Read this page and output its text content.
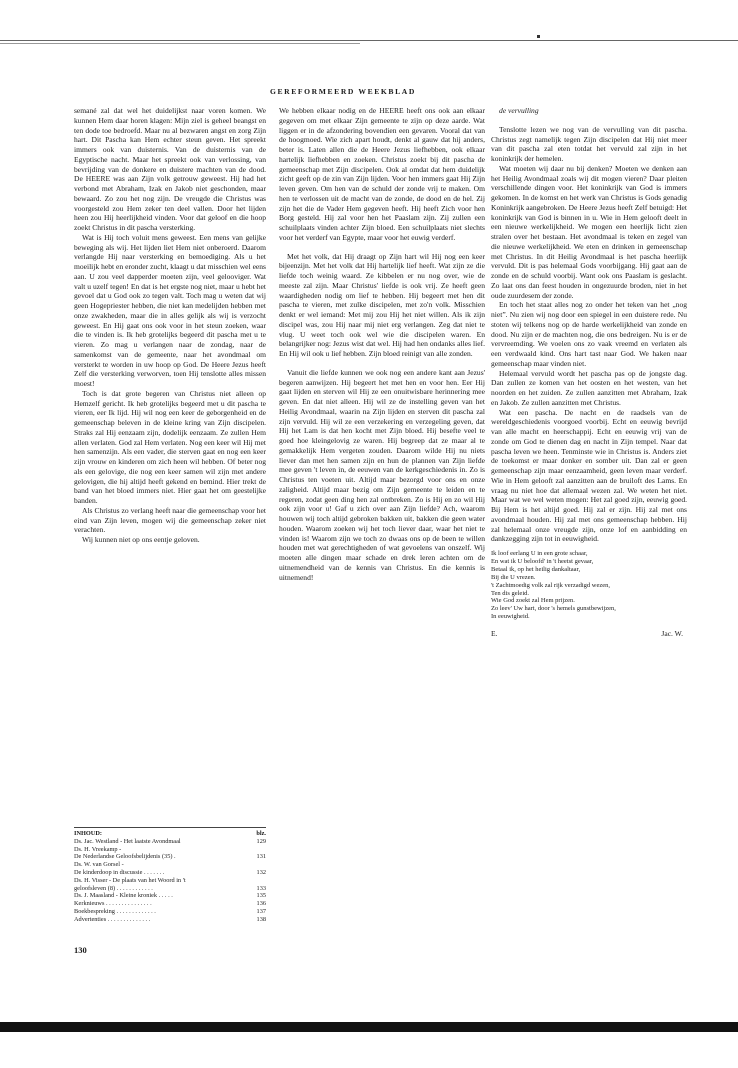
GEREFORMEERD WEEKBLAD

semané zal dat wel het duidelijkst naar voren komen. We kunnen Hem daar horen klagen: Mijn ziel is geheel beangst en ten dode toe bedroefd. Maar nu al bezwaren angst en zorg Zijn hart. Dit Pascha kan Hem echter steun geven. Het spreekt immers ook van duisternis. Van de duisternis van de Egyptische nacht. Maar het spreekt ook van verlossing, van bevrijding van de donkere en duistere machten van de dood. De HEERE was aan Zijn volk getrouw geweest. Hij had het verbond met Abraham, Izak en Jakob niet geschonden, maar bewaard. Zo zou het nog zijn. De vreugde die Christus was voorgesteld zou Hem zeker ten deel vallen. Door het lijden heen zou Hij heerlijkheid vinden. Voor dat geloof en die hoop zoekt Christus in dit pascha versterking.

Wat is Hij toch voluit mens geweest. Een mens van gelijke beweging als wij. Het lijden liet Hem niet onberoerd. Daarom verlangde Hij naar versterking en bemoediging. Als u het moeilijk hebt en eronder zucht, klaagt u dat misschien wel eens aan. U zou veel dapperder moeten zijn, veel gelooviger. Wat valt u uzelf tegen! En dat is het ergste nog niet, maar u hebt het gevoel dat u God ook zo tegen valt. Toch mag u weten dat wij geen Hogepriester hebben, die niet kan medelijden hebben met onze zwakheden, maar die in alles gelijk als wij is verzocht geweest. En Hij gaat ons ook voor in het steun zoeken, waar die te vinden is. Ik heb grotelijks begeerd dit pascha met u te vieren. Zo mag u verlangen naar de zondag, naar de samenkomst van de gemeente, naar het avondmaal om versterkt te worden in uw hoop op God. De Heere Jezus heeft Zelf die versterking verworven, toen Hij tenslotte alles missen moest!

Toch is dat grote begeren van Christus niet alleen op Hemzelf gericht. Ik heb grotelijks begeerd met u dit pascha te vieren, eer Ik lijd. Hij wil nog een keer de geborgenheid en de gemeenschap beleven in de kleine kring van Zijn discipelen. Straks zal Hij eenzaam zijn, dodelijk eenzaam. Ze zullen Hem allen verlaten. God zal Hem verlaten. Nog een keer wil Hij met hen samenzijn. Als een vader, die sterven gaat en nog een keer zijn vrouw en kinderen om zich heen wil hebben. Of beter nog als een gelovige, die nog een keer samen wil zijn met andere gelovigen, die hij altijd heeft gekend en bemind. Hier trekt de band van het bloed immers niet. Hier gaat het om geestelijke banden.

Als Christus zo verlang heeft naar die gemeenschap voor het eind van Zijn leven, mogen wij die gemeenschap zeker niet verachten.

Wij kunnen niet op ons eentje geloven.

INHOUD:	blz.
Ds. Jac. Westland - Het laatste Avondmaal	129
Ds. H. Vreekamp -
De Nederlandse Geloofsbelijdenis (35) .	131
Ds. W. van Gorsel -
De kinderdoop in discussie . . . . . . .	132
Ds. H. Visser - De plaats van het Woord in 't
geloofsleven (8) . . . . . . . . . . . .	133
Ds. J. Maasland - Kleine kroniek . . . . .	135
Kerknieuws . . . . . . . . . . . . . . .	136
Boekbespreking . . . . . . . . . . . . .	137
Advertenties . . . . . . . . . . . . . .	138
130

We hebben elkaar nodig en de HEERE heeft ons ook aan elkaar gegeven om met elkaar Zijn gemeente te zijn op deze aarde. Wat liggen er in de afzondering bovendien een gevaren. Vooral dat van de hoogmoed. Wie zich apart houdt, denkt al gauw dat hij anders, beter is. Laten allen die de Heere Jezus liefhebben, ook elkaar hartelijk liefhebben en zoeken. Christus zoekt bij dit pascha de gemeenschap met Zijn discipelen. Ook al omdat dat hem duidelijk zicht geeft op de zin van Zijn lijden. Voor hen immers gaat Hij Zijn leven geven. Om hen van de schuld der zonde vrij te maken. Om hen te verlossen uit de macht van de zonde, de dood en de hel. Zij zijn het die de Vader Hem gegeven heeft. Hij heeft Zich voor hen Borg gesteld. Hij zal voor hen het Paaslam zijn. Zij zullen een schuilplaats vinden achter Zijn bloed. Een schuilplaats niet slechts voor het verderf van Egypte, maar voor het euwig verderf.

Met het volk, dat Hij draagt op Zijn hart wil Hij nog een keer bijeenzijn. Met het volk dat Hij hartelijk lief heeft. Wat zijn ze die liefde toch weinig waard. Ze kibbelen er nu nog over, wie de meeste zal zijn. Maar Christus' liefde is ook vrij. Ze heeft geen waardigheden nodig om lief te hebben. Hij begeert met hen dit pascha te vieren, met zulke discipelen, met zo'n volk. Misschien denkt er wel iemand: Met mij zou Hij het niet willen. Als ik zijn discipel was, zou Hij naar mij niet erg verlangen. Zeg dat niet te vlug. U weet toch ook wel wie die discipelen waren. En belangrijker nog: Jezus wist dat wel. Hij had hen ondanks alles lief. En Hij wil ook u lief hebben. Zijn bloed reinigt van alle zonden.

Vanuit die liefde kunnen we ook nog een andere kant aan Jezus' begeren aanwijzen. Hij begeert het met hen en voor hen. Eer Hij gaat lijden en sterven wil Hij ze een onuitwisbare herinnering mee geven. En dat niet alleen. Hij wil ze de instelling geven van het Heilig Avondmaal, waarin na Zijn lijden en sterven dit pascha zal zijn vervuld. Hij wil ze een verzekering en verzegeling geven, dat Hij het Lam is dat hen kocht met Zijn bloed. Hij besefte veel te goed hoe kleingelovig ze waren. Hij begreep dat ze maar al te gemakkelijk Hem vergeten zouden. Daarom wilde Hij nu niets liever dan met hen samen zijn en hun de plannen van Zijn liefde mee geven 't leven in, de eeuwen van de kerkgeschiedenis in. Zo is Christus ten voeten uit. Altijd maar bezorgd voor ons en onze zaligheid. Altijd maar bezig om Zijn gemeente te leiden en te regeren, zodat geen ding hen zal ontbreken. Zo is Hij en zo wil Hij ook zijn voor u! Gaf u zich over aan Zijn liefde? Ach, waarom houwen wij toch altijd gebroken bakken uit, bakken die geen water houden. Waarom zoeken wij het toch liever daar, waar het niet te vinden is! Waarom zijn we toch zo dwaas ons op de been te willen houden met wat gerechtigheden of wat gevoelens van onszelf. Wij moeten alle dingen maar schade en drek leren achten om de uitnemendheid van de kennis van Christus. En die kennis is uitnemend!

de vervulling

Tenslotte lezen we nog van de vervulling van dit pascha. Christus zegt namelijk tegen Zijn discipelen dat Hij niet meer van dit pascha zal eten totdat het vervuld zal zijn in het koninkrijk der hemelen.

Wat moeten wij daar nu bij denken? Moeten we denken aan het Heilig Avondmaal zoals wij dit mogen vieren? Daar pleiten verschillende dingen voor. Het koninkrijk van God is immers gekomen. In de komst en het werk van Christus is Gods genadig Koninkrijk aangebroken. De Heere Jezus heeft Zelf betuigd: Het koninkrijk van God is binnen in u. Wie in Hem gelooft deelt in een nieuwe werkelijkheid. We mogen een heerlijk licht zien stralen over het bestaan. Het avondmaal is teken en zegel van die nieuwe werkelijkheid. We eten en drinken in gemeenschap met Christus. In dit Heilig Avondmaal is het pascha heerlijk vervuld. Dit is pas helemaal Gods voorbijgang. Hij gaat aan de zonde en de schuld voorbij. Want ook ons Paaslam is geslacht. Zo laat ons dan feest houden in ongezuurde broden, niet in het oude zuurdesem der zonde.

En toch het staat alles nog zo onder het teken van het „nog niet”. Nu zien wij nog door een spiegel in een duistere rede. Nu stoten wij telkens nog op de harde werkelijkheid van zonde en dood. Nu zijn er de machten nog, die ons bedreigen. Nu is er de vervreemding. We voelen ons zo vaak vreemd en verlaten als een verdwaald kind. Ons hart tast naar God. We haken naar gemeenschap maar vinden niet.

Helemaal vervuld wordt het pascha pas op de jongste dag. Dan zullen ze komen van het oosten en het westen, van het noorden en het zuiden. Ze zullen aanzitten met Abraham, Izak en Jakob. Ze zullen aanzitten met Christus.

Wat een pascha. De nacht en de raadsels van de wereldgeschiedenis voorgoed voorbij. Echt en eeuwig bevrijd van alle macht en heerschappij. Echt en eeuwig vrij van de zonde om God te dienen dag en nacht in Zijn tempel. Naar dat pascha leven we heen. Tenminste wie in Christus is. Anders ziet de toekomst er maar donker en somber uit. Dan zal er geen gemeenschap zijn maar eenzaamheid, geen leven maar verderf. Wie in Hem gelooft zal aanzitten aan de bruiloft des Lams. En vraag nu niet hoe dat allemaal wezen zal. We weten het niet. Maar wat we wel weten mogen: Het zal goed zijn, eeuwig goed. Bij Hem is het altijd goed. Hij zal er zijn. Hij zal met ons avondmaal houden. Hij zal met ons gemeenschap hebben. Hij zal helemaal onze vreugde zijn, onze lof en aanbidding en dankzegging zijn tot in eeuwigheid.

Ik loof eerlang U in een grote schaar,
En wat ik U beloofd' in 't heetst gevaar,
Betaal ik, op het heilig dankaltaar,
Bij die U vrezen.
't Zachtmoedig volk zal rijk verzadigd wezen,
Ten dis geleid.
Wie God zoekt zal Hem prijzen.
Zo leev' Uw hart, door 's hemels gunstbewijzen,
In eeuwigheid.
E.	Jac. W.
